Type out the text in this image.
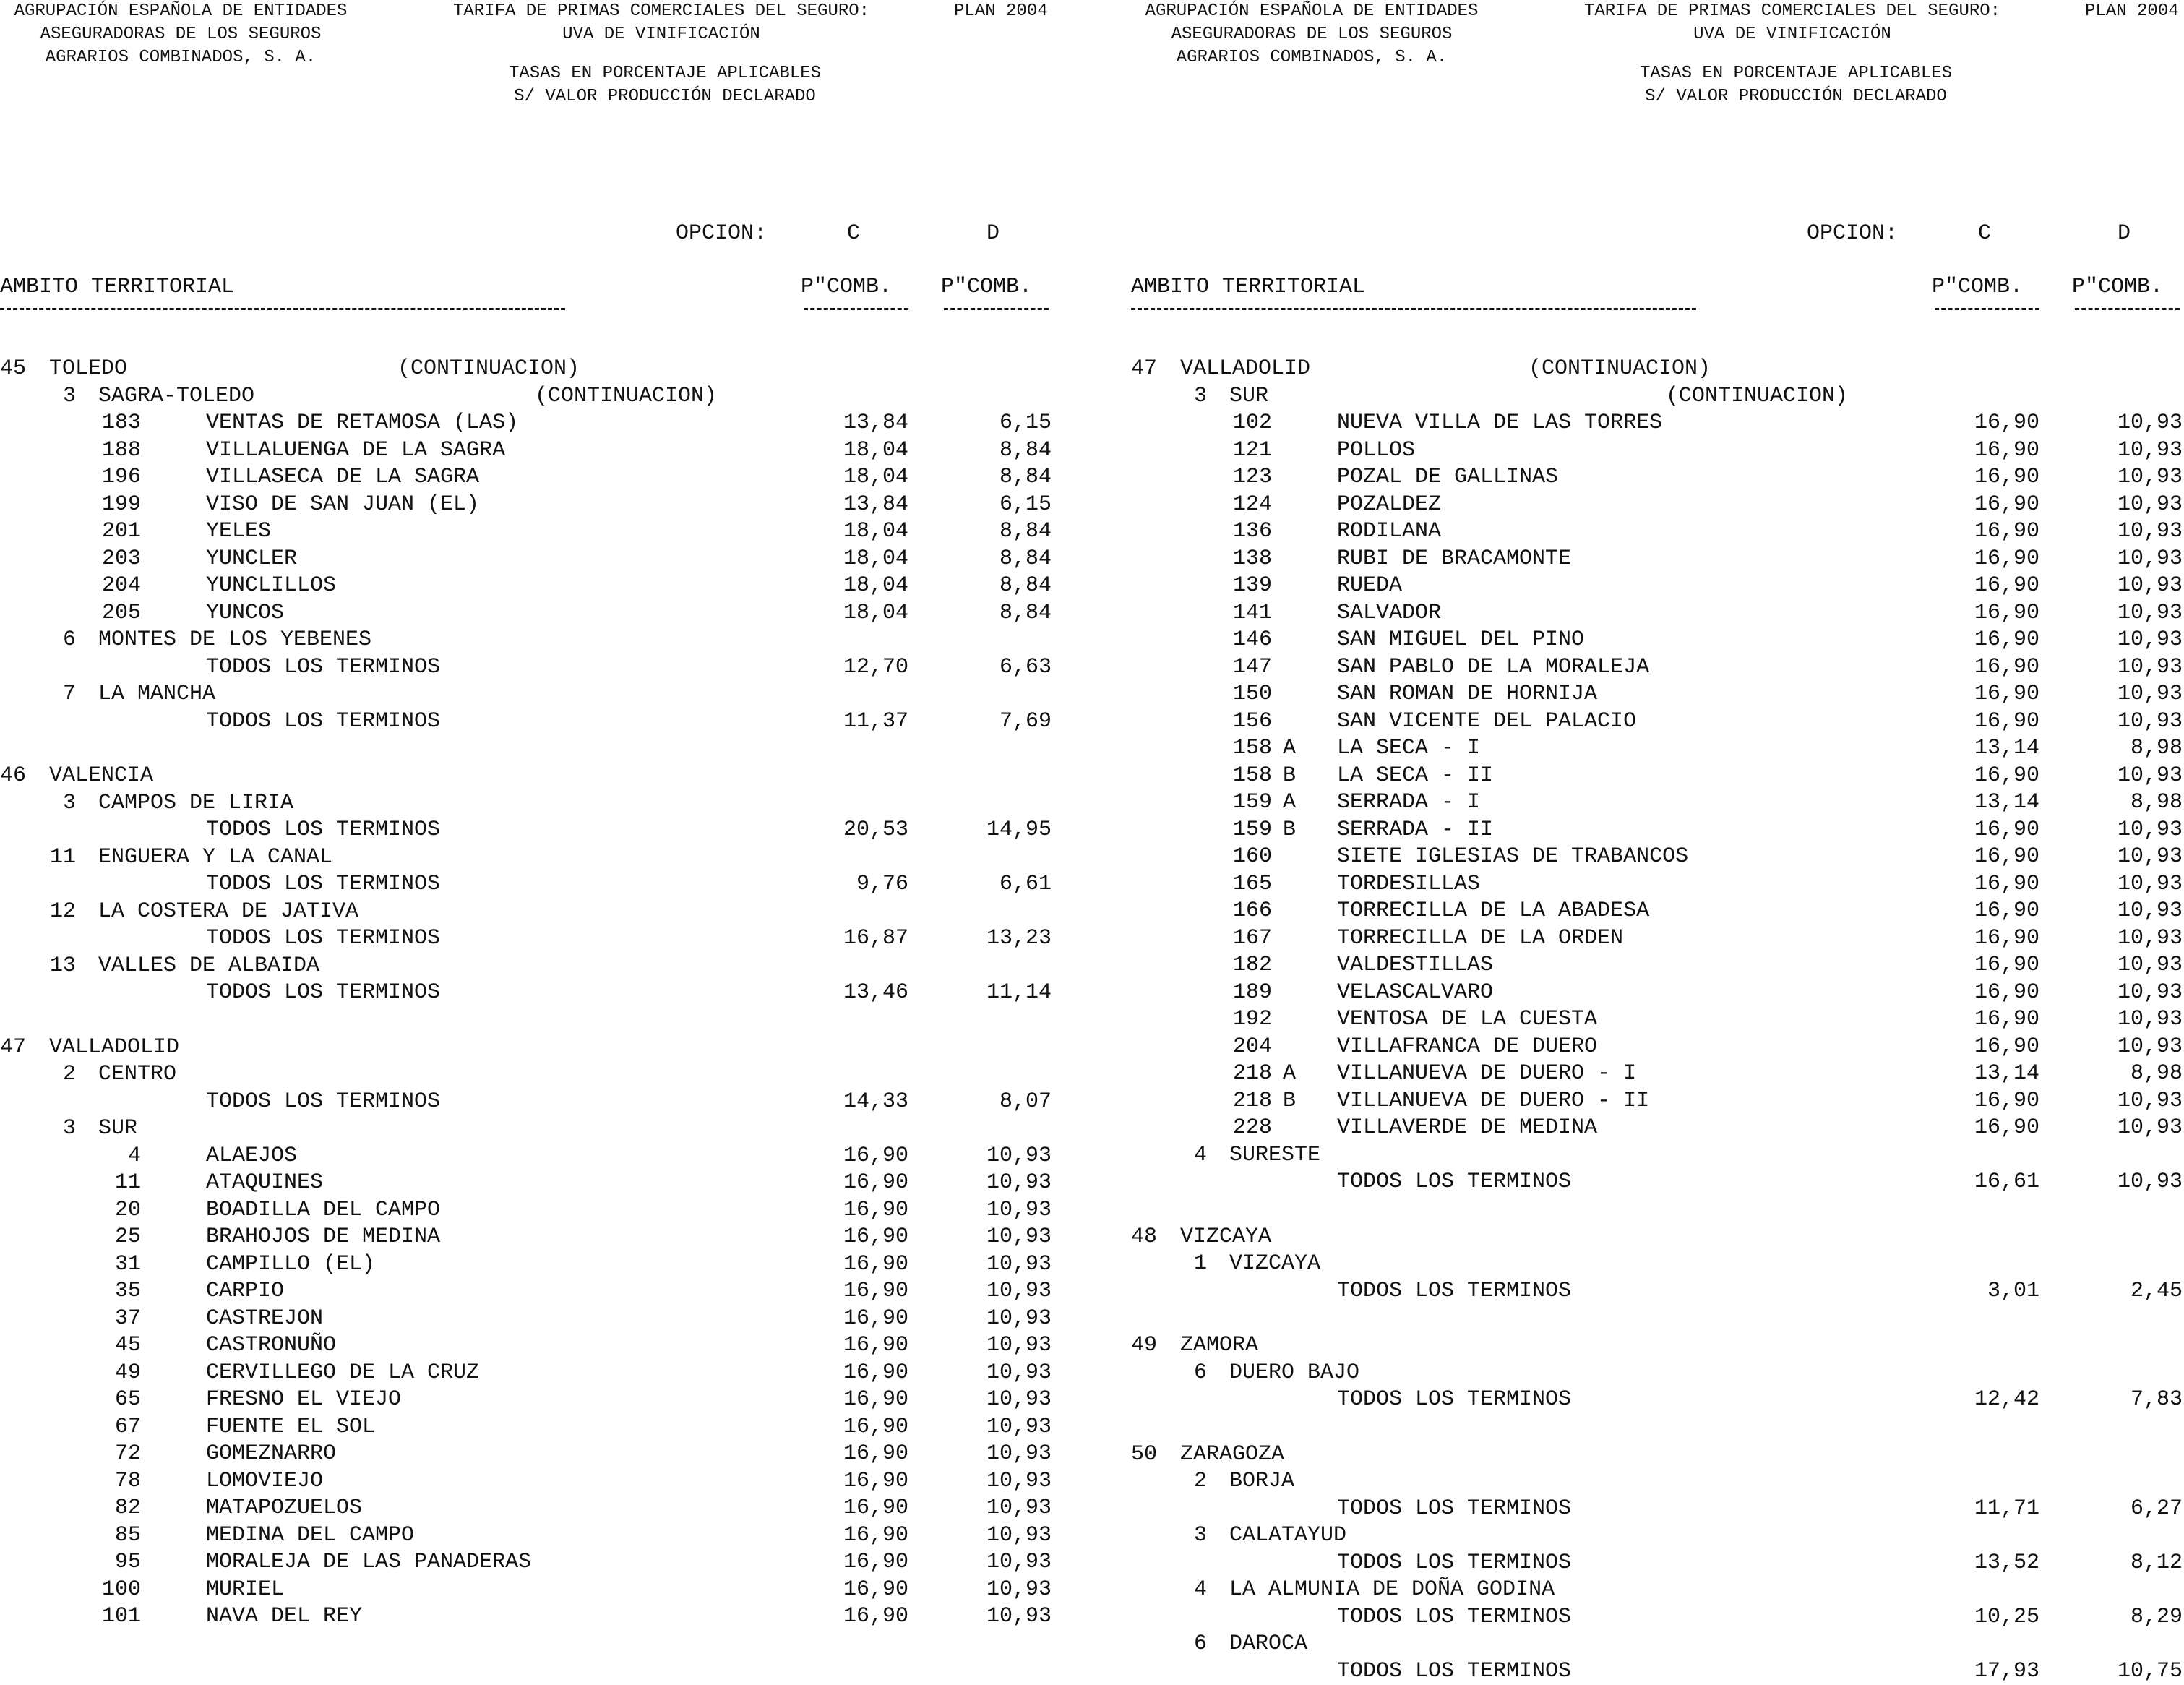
AGRUPACIÓN ESPAÑOLA DE ENTIDADES
ASEGURADORAS DE LOS SEGUROS
AGRARIOS COMBINADOS, S. A.
TARIFA DE PRIMAS COMERCIALES DEL SEGURO:
UVA DE VINIFICACIÓN
PLAN 2004
TASAS EN PORCENTAJE APLICABLES
S/ VALOR PRODUCCIÓN DECLARADO
OPCION:	C	D
AMBITO TERRITORIAL	P"COMB. P"COMB.
45 TOLEDO	(CONTINUACION)
3 SAGRA-TOLEDO	(CONTINUACION)
183	VENTAS DE RETAMOSA (LAS)	13,84	6,15
188	VILLALUENGA DE LA SAGRA	18,04	8,84
196	VILLASECA DE LA SAGRA	18,04	8,84
199	VISO DE SAN JUAN (EL)	13,84	6,15
201	YELES	18,04	8,84
203	YUNCLER	18,04	8,84
204	YUNCLILLOS	18,04	8,84
205	YUNCOS	18,04	8,84
6 MONTES DE LOS YEBENES
TODOS LOS TERMINOS	12,70	6,63
7 LA MANCHA
TODOS LOS TERMINOS	11,37	7,69
46 VALENCIA
3 CAMPOS DE LIRIA
TODOS LOS TERMINOS	20,53	14,95
11 ENGUERA Y LA CANAL
TODOS LOS TERMINOS	9,76	6,61
12 LA COSTERA DE JATIVA
TODOS LOS TERMINOS	16,87	13,23
13 VALLES DE ALBAIDA
TODOS LOS TERMINOS	13,46	11,14
47 VALLADOLID
2 CENTRO
TODOS LOS TERMINOS	14,33	8,07
3 SUR
4	ALAEJOS	16,90	10,93
11	ATAQUINES	16,90	10,93
20	BOADILLA DEL CAMPO	16,90	10,93
25	BRAHOJOS DE MEDINA	16,90	10,93
31	CAMPILLO (EL)	16,90	10,93
35	CARPIO	16,90	10,93
37	CASTREJON	16,90	10,93
45	CASTRONUÑO	16,90	10,93
49	CERVILLEGO DE LA CRUZ	16,90	10,93
65	FRESNO EL VIEJO	16,90	10,93
67	FUENTE EL SOL	16,90	10,93
72	GOMEZNARRO	16,90	10,93
78	LOMOVIEJO	16,90	10,93
82	MATAPOZUELOS	16,90	10,93
85	MEDINA DEL CAMPO	16,90	10,93
95	MORALEJA DE LAS PANADERAS	16,90	10,93
100	MURIEL	16,90	10,93
101	NAVA DEL REY	16,90	10,93
AGRUPACIÓN ESPAÑOLA DE ENTIDADES
ASEGURADORAS DE LOS SEGUROS
AGRARIOS COMBINADOS, S. A.
TARIFA DE PRIMAS COMERCIALES DEL SEGURO:
UVA DE VINIFICACIÓN
PLAN 2004
TASAS EN PORCENTAJE APLICABLES
S/ VALOR PRODUCCIÓN DECLARADO
OPCION:	C	D
AMBITO TERRITORIAL	P"COMB. P"COMB.
47 VALLADOLID	(CONTINUACION)
3 SUR	(CONTINUACION)
102	NUEVA VILLA DE LAS TORRES	16,90	10,93
121	POLLOS	16,90	10,93
123	POZAL DE GALLINAS	16,90	10,93
124	POZALDEZ	16,90	10,93
136	RODILANA	16,90	10,93
138	RUBI DE BRACAMONTE	16,90	10,93
139	RUEDA	16,90	10,93
141	SALVADOR	16,90	10,93
146	SAN MIGUEL DEL PINO	16,90	10,93
147	SAN PABLO DE LA MORALEJA	16,90	10,93
150	SAN ROMAN DE HORNIJA	16,90	10,93
156	SAN VICENTE DEL PALACIO	16,90	10,93
158 A LA SECA - I	13,14	8,98
158 B LA SECA - II	16,90	10,93
159 A SERRADA - I	13,14	8,98
159 B SERRADA - II	16,90	10,93
160	SIETE IGLESIAS DE TRABANCOS	16,90	10,93
165	TORDESILLAS	16,90	10,93
166	TORRECILLA DE LA ABADESA	16,90	10,93
167	TORRECILLA DE LA ORDEN	16,90	10,93
182	VALDESTILLAS	16,90	10,93
189	VELASCALVARO	16,90	10,93
192	VENTOSA DE LA CUESTA	16,90	10,93
204	VILLAFRANCA DE DUERO	16,90	10,93
218 A VILLANUEVA DE DUERO - I	13,14	8,98
218 B VILLANUEVA DE DUERO - II	16,90	10,93
228	VILLAVERDE DE MEDINA	16,90	10,93
4 SURESTE
TODOS LOS TERMINOS	16,61	10,93
48 VIZCAYA
1 VIZCAYA
TODOS LOS TERMINOS	3,01	2,45
49 ZAMORA
6 DUERO BAJO
TODOS LOS TERMINOS	12,42	7,83
50 ZARAGOZA
2 BORJA
TODOS LOS TERMINOS	11,71	6,27
3 CALATAYUD
TODOS LOS TERMINOS	13,52	8,12
4 LA ALMUNIA DE DOÑA GODINA
TODOS LOS TERMINOS	10,25	8,29
6 DAROCA
TODOS LOS TERMINOS	17,93	10,75
